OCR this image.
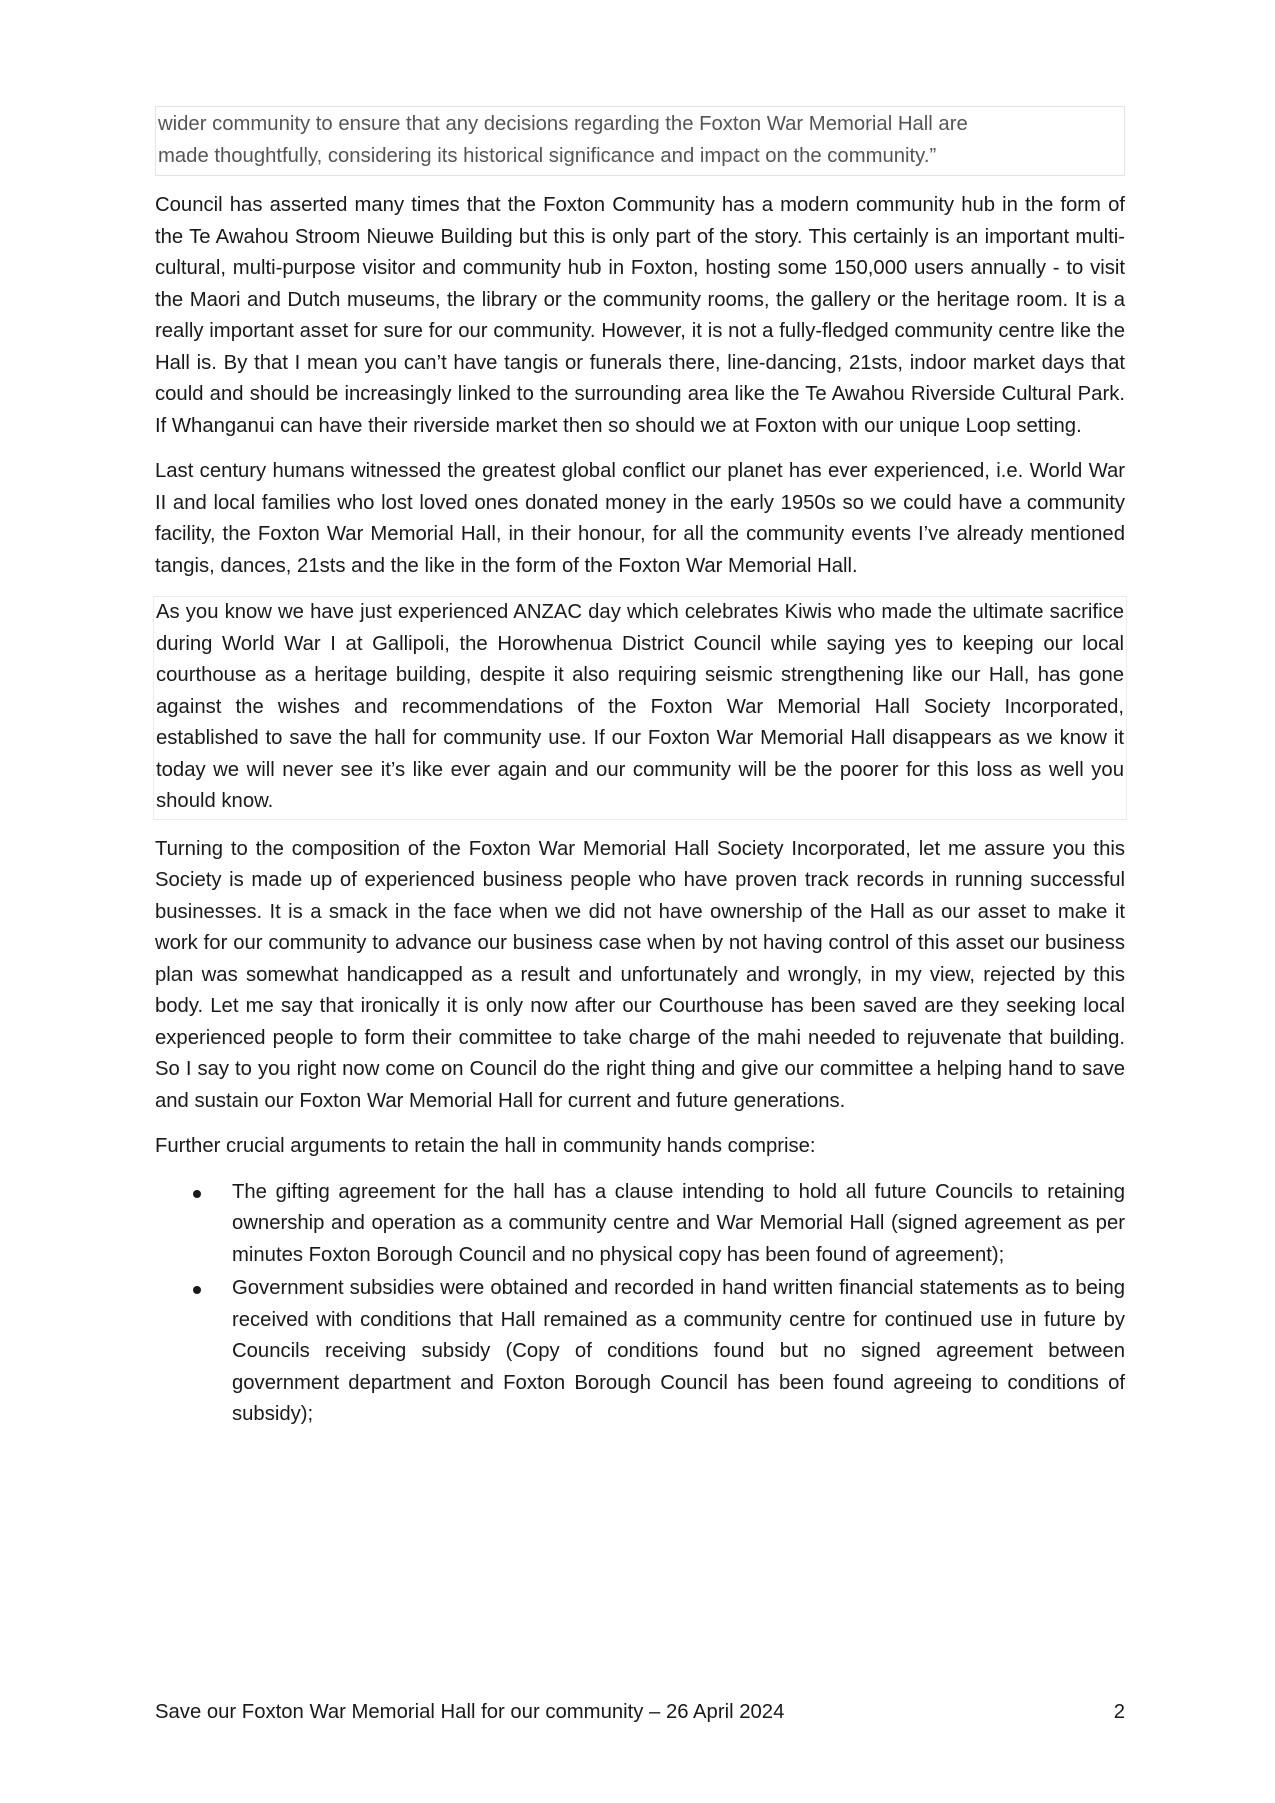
wider community to ensure that any decisions regarding the Foxton War Memorial Hall are
made thoughtfully, considering its historical significance and impact on the community.”

Council has asserted many times that the Foxton Community has a modern community hub in the form of the Te Awahou Stroom Nieuwe Building but this is only part of the story. This certainly is an important multi-cultural, multi-purpose visitor and community hub in Foxton, hosting some 150,000 users annually - to visit the Maori and Dutch museums, the library or the community rooms, the gallery or the heritage room. It is a really important asset for sure for our community. However, it is not a fully-fledged community centre like the Hall is. By that I mean you can’t have tangis or funerals there, line-dancing, 21sts, indoor market days that could and should be increasingly linked to the surrounding area like the Te Awahou Riverside Cultural Park. If Whanganui can have their riverside market then so should we at Foxton with our unique Loop setting.

Last century humans witnessed the greatest global conflict our planet has ever experienced, i.e. World War II and local families who lost loved ones donated money in the early 1950s so we could have a community facility, the Foxton War Memorial Hall, in their honour, for all the community events I’ve already mentioned tangis, dances, 21sts and the like in the form of the Foxton War Memorial Hall.

As you know we have just experienced ANZAC day which celebrates Kiwis who made the ultimate sacrifice during World War I at Gallipoli, the Horowhenua District Council while saying yes to keeping our local courthouse as a heritage building, despite it also requiring seismic strengthening like our Hall, has gone against the wishes and recommendations of the Foxton War Memorial Hall Society Incorporated, established to save the hall for community use. If our Foxton War Memorial Hall disappears as we know it today we will never see it’s like ever again and our community will be the poorer for this loss as well you should know.

Turning to the composition of the Foxton War Memorial Hall Society Incorporated, let me assure you this Society is made up of experienced business people who have proven track records in running successful businesses. It is a smack in the face when we did not have ownership of the Hall as our asset to make it work for our community to advance our business case when by not having control of this asset our business plan was somewhat handicapped as a result and unfortunately and wrongly, in my view, rejected by this body. Let me say that ironically it is only now after our Courthouse has been saved are they seeking local experienced people to form their committee to take charge of the mahi needed to rejuvenate that building. So I say to you right now come on Council do the right thing and give our committee a helping hand to save and sustain our Foxton War Memorial Hall for current and future generations.

Further crucial arguments to retain the hall in community hands comprise:

The gifting agreement for the hall has a clause intending to hold all future Councils to retaining ownership and operation as a community centre and War Memorial Hall (signed agreement as per minutes Foxton Borough Council and no physical copy has been found of agreement);
Government subsidies were obtained and recorded in hand written financial statements as to being received with conditions that Hall remained as a community centre for continued use in future by Councils receiving subsidy (Copy of conditions found but no signed agreement between government department and Foxton Borough Council has been found agreeing to conditions of subsidy);
Save our Foxton War Memorial Hall for our community – 26 April 2024	2
